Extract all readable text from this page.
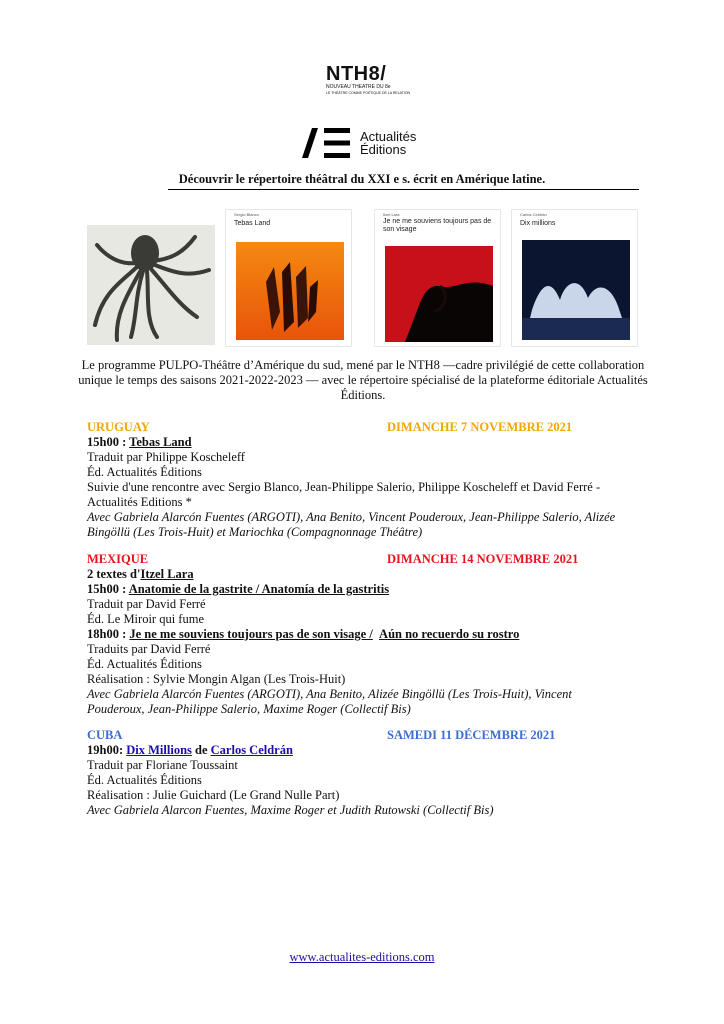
NTH8/
NOUVEAU THEATRE DU 8e
LE THÉÂTRE COMME POÉTIQUE DE LA RELATION
Actualités
Éditions
Découvrir le répertoire théâtral du XXI e s. écrit en Amérique latine.
Sergio Blanco
Tebas Land
Itzel Lara
Je ne me souviens toujours pas de son visage
Carlos Celdrán
Dix millions
Le programme PULPO-Théâtre d’Amérique du sud, mené par le NTH8 —cadre privilégié de cette collaboration unique le temps des saisons 2021-2022-2023 — avec le répertoire spécialisé de la plateforme éditoriale Actualités Éditions.
URUGUAY	DIMANCHE 7 NOVEMBRE 2021
15h00 : Tebas Land
Traduit par Philippe Koscheleff
Éd. Actualités Éditions
Suivie d'une rencontre avec Sergio Blanco, Jean-Philippe Salerio, Philippe Koscheleff et David Ferré -
Actualités Editions *
Avec Gabriela Alarcón Fuentes (ARGOTI), Ana Benito, Vincent Pouderoux, Jean-Philippe Salerio, Alizée
Bingöllü (Les Trois-Huit) et Mariochka (Compagnonnage Théâtre)
MEXIQUE	DIMANCHE 14 NOVEMBRE 2021
2 textes d'Itzel Lara
15h00 : Anatomie de la gastrite / Anatomía de la gastritis
Traduit par David Ferré
Éd. Le Miroir qui fume
18h00 : Je ne me souviens toujours pas de son visage / Aún no recuerdo su rostro
Traduits par David Ferré
Éd. Actualités Éditions
Réalisation : Sylvie Mongin Algan (Les Trois-Huit)
Avec Gabriela Alarcón Fuentes (ARGOTI), Ana Benito, Alizée Bingöllü (Les Trois-Huit), Vincent
Pouderoux, Jean-Philippe Salerio, Maxime Roger (Collectif Bis)
CUBA	SAMEDI 11 DÉCEMBRE 2021
19h00: Dix Millions de Carlos Celdrán
Traduit par Floriane Toussaint
Éd. Actualités Éditions
Réalisation : Julie Guichard (Le Grand Nulle Part)
Avec Gabriela Alarcon Fuentes, Maxime Roger et Judith Rutowski (Collectif Bis)
www.actualites-editions.com
